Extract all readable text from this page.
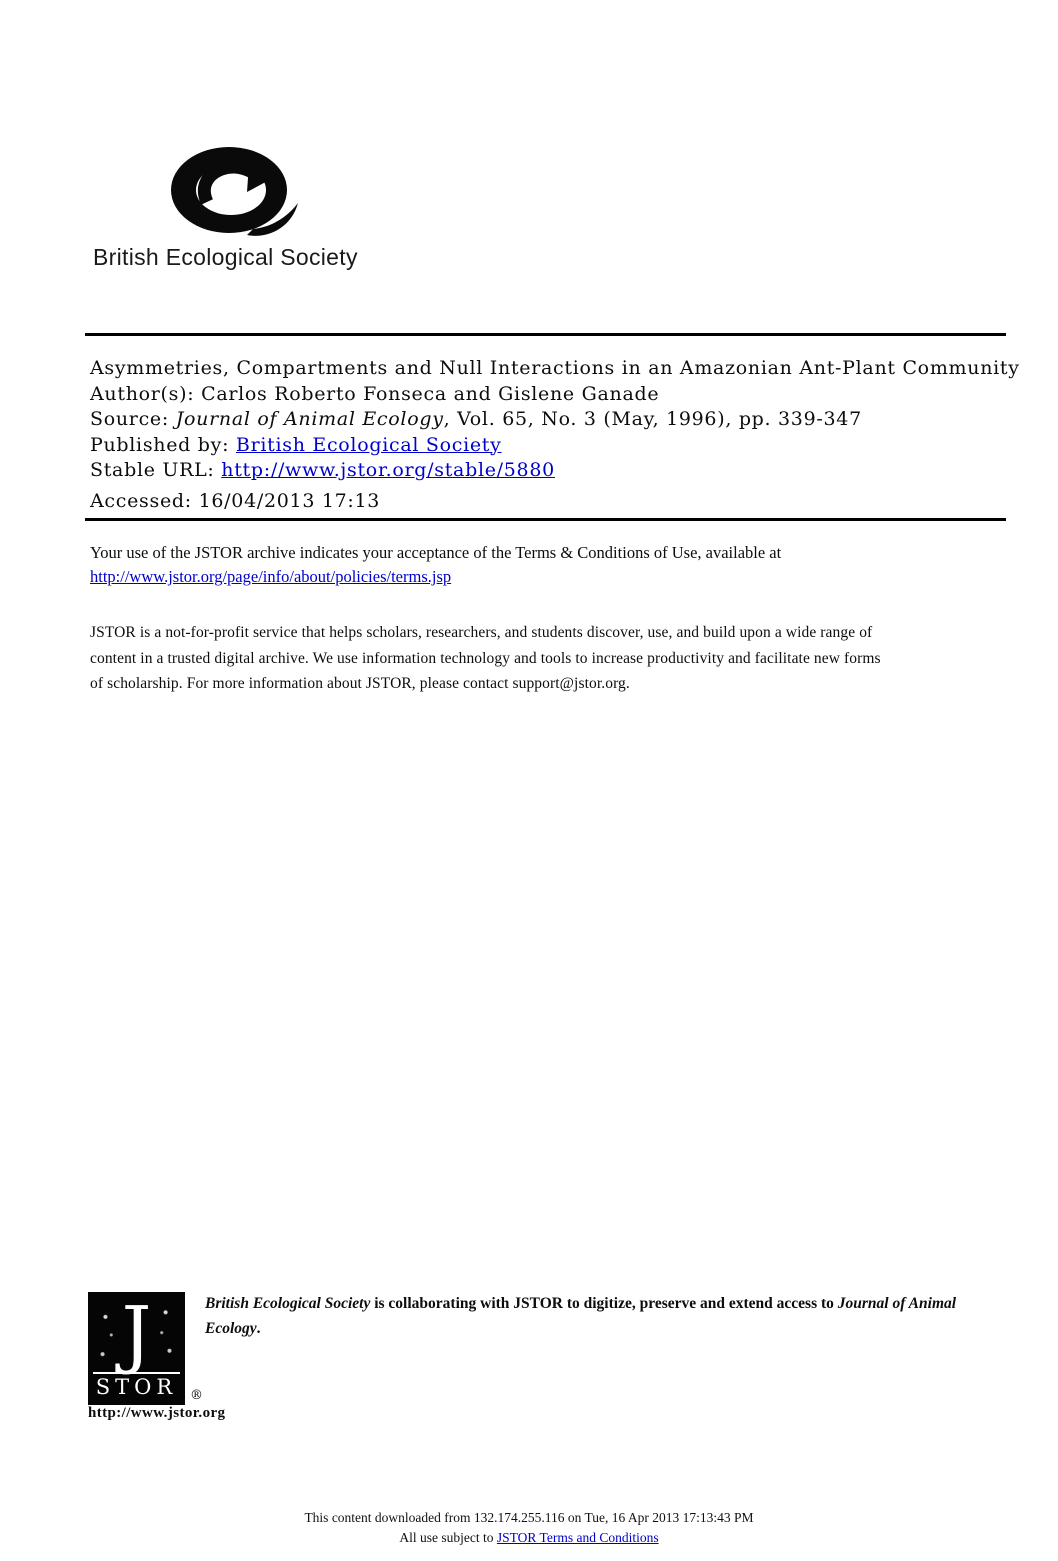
British Ecological Society
Asymmetries, Compartments and Null Interactions in an Amazonian Ant-Plant Community
Author(s): Carlos Roberto Fonseca and Gislene Ganade
Source: Journal of Animal Ecology, Vol. 65, No. 3 (May, 1996), pp. 339-347
Published by: British Ecological Society
Stable URL: http://www.jstor.org/stable/5880
Accessed: 16/04/2013 17:13
Your use of the JSTOR archive indicates your acceptance of the Terms & Conditions of Use, available at
http://www.jstor.org/page/info/about/policies/terms.jsp
JSTOR is a not-for-profit service that helps scholars, researchers, and students discover, use, and build upon a wide range of
content in a trusted digital archive. We use information technology and tools to increase productivity and facilitate new forms
of scholarship. For more information about JSTOR, please contact support@jstor.org.
J
STOR ®
British Ecological Society is collaborating with JSTOR to digitize, preserve and extend access to Journal of Animal Ecology.
http://www.jstor.org
This content downloaded from 132.174.255.116 on Tue, 16 Apr 2013 17:13:43 PM
All use subject to JSTOR Terms and Conditions
